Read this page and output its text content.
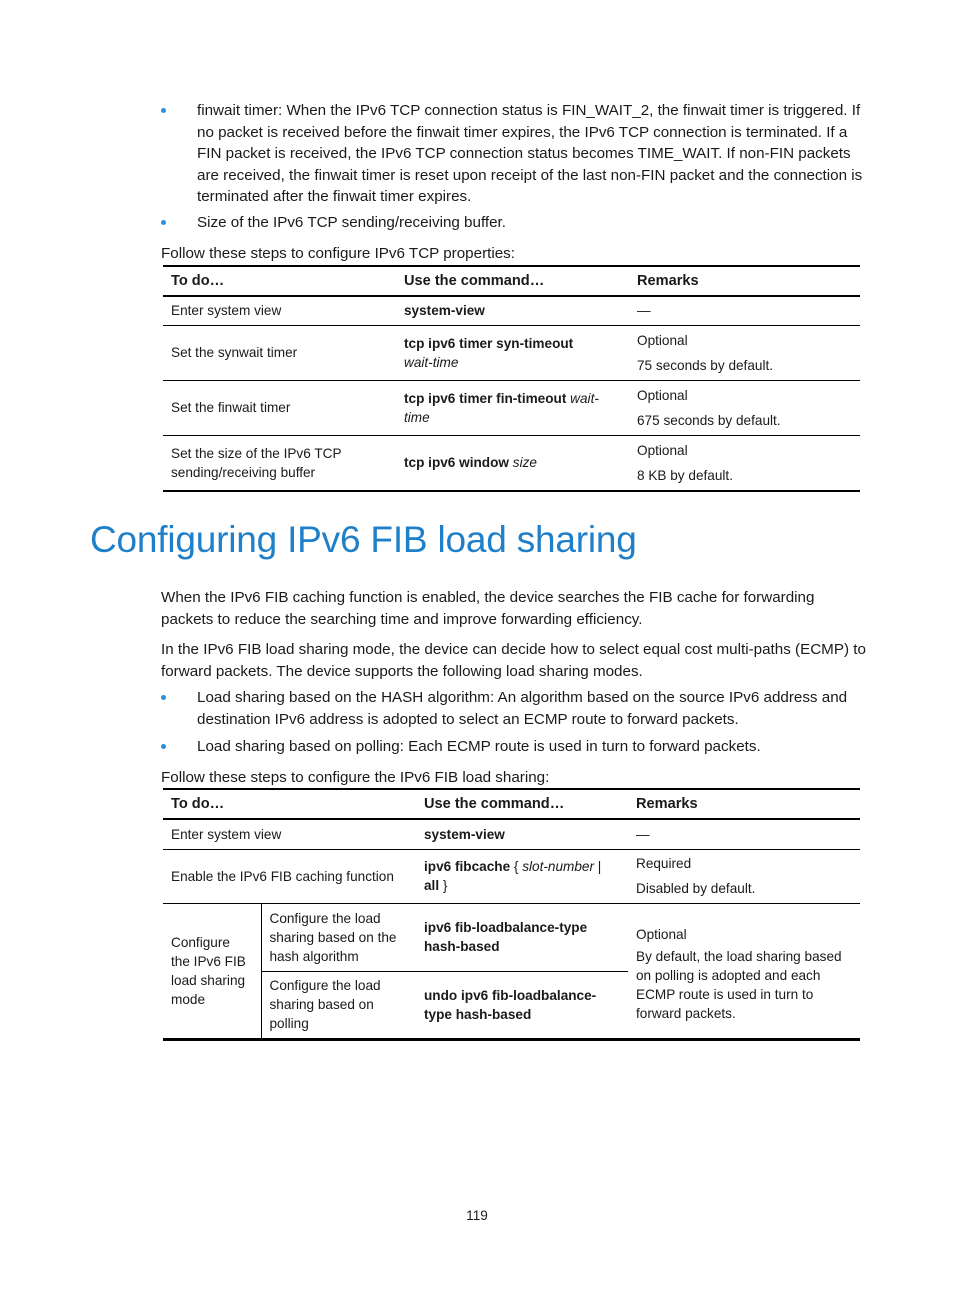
finwait timer: When the IPv6 TCP connection status is FIN_WAIT_2, the finwait timer is triggered. If no packet is received before the finwait timer expires, the IPv6 TCP connection is terminated. If a FIN packet is received, the IPv6 TCP connection status becomes TIME_WAIT. If non-FIN packets are received, the finwait timer is reset upon receipt of the last non-FIN packet and the connection is terminated after the finwait timer expires.
Size of the IPv6 TCP sending/receiving buffer.
Follow these steps to configure IPv6 TCP properties:
To do…	Use the command…	Remarks
Enter system view	system-view	—
Set the synwait timer	tcp ipv6 timer syn-timeout
wait-time	Optional
75 seconds by default.

Set the finwait timer	tcp ipv6 timer fin-timeout wait-time	Optional
675 seconds by default.

Set the size of the IPv6 TCP sending/receiving buffer	tcp ipv6 window size	Optional
8 KB by default.
Configuring IPv6 FIB load sharing
When the IPv6 FIB caching function is enabled, the device searches the FIB cache for forwarding packets to reduce the searching time and improve forwarding efficiency.
In the IPv6 FIB load sharing mode, the device can decide how to select equal cost multi-paths (ECMP) to forward packets. The device supports the following load sharing modes.
Load sharing based on the HASH algorithm: An algorithm based on the source IPv6 address and destination IPv6 address is adopted to select an ECMP route to forward packets.
Load sharing based on polling: Each ECMP route is used in turn to forward packets.
Follow these steps to configure the IPv6 FIB load sharing:
To do…		Use the command…	Remarks
Enter system view		system-view	—
Enable the IPv6 FIB caching function		ipv6 fibcache { slot-number |
all }	Required
Disabled by default.

Configure the IPv6 FIB load sharing mode	Configure the load sharing based on the hash algorithm	ipv6 fib-loadbalance-type hash-based	Optional
By default, the load sharing based on polling is adopted and each ECMP route is used in turn to forward packets.

	Configure the load sharing based on polling	undo ipv6 fib-loadbalance-type hash-based	
119
